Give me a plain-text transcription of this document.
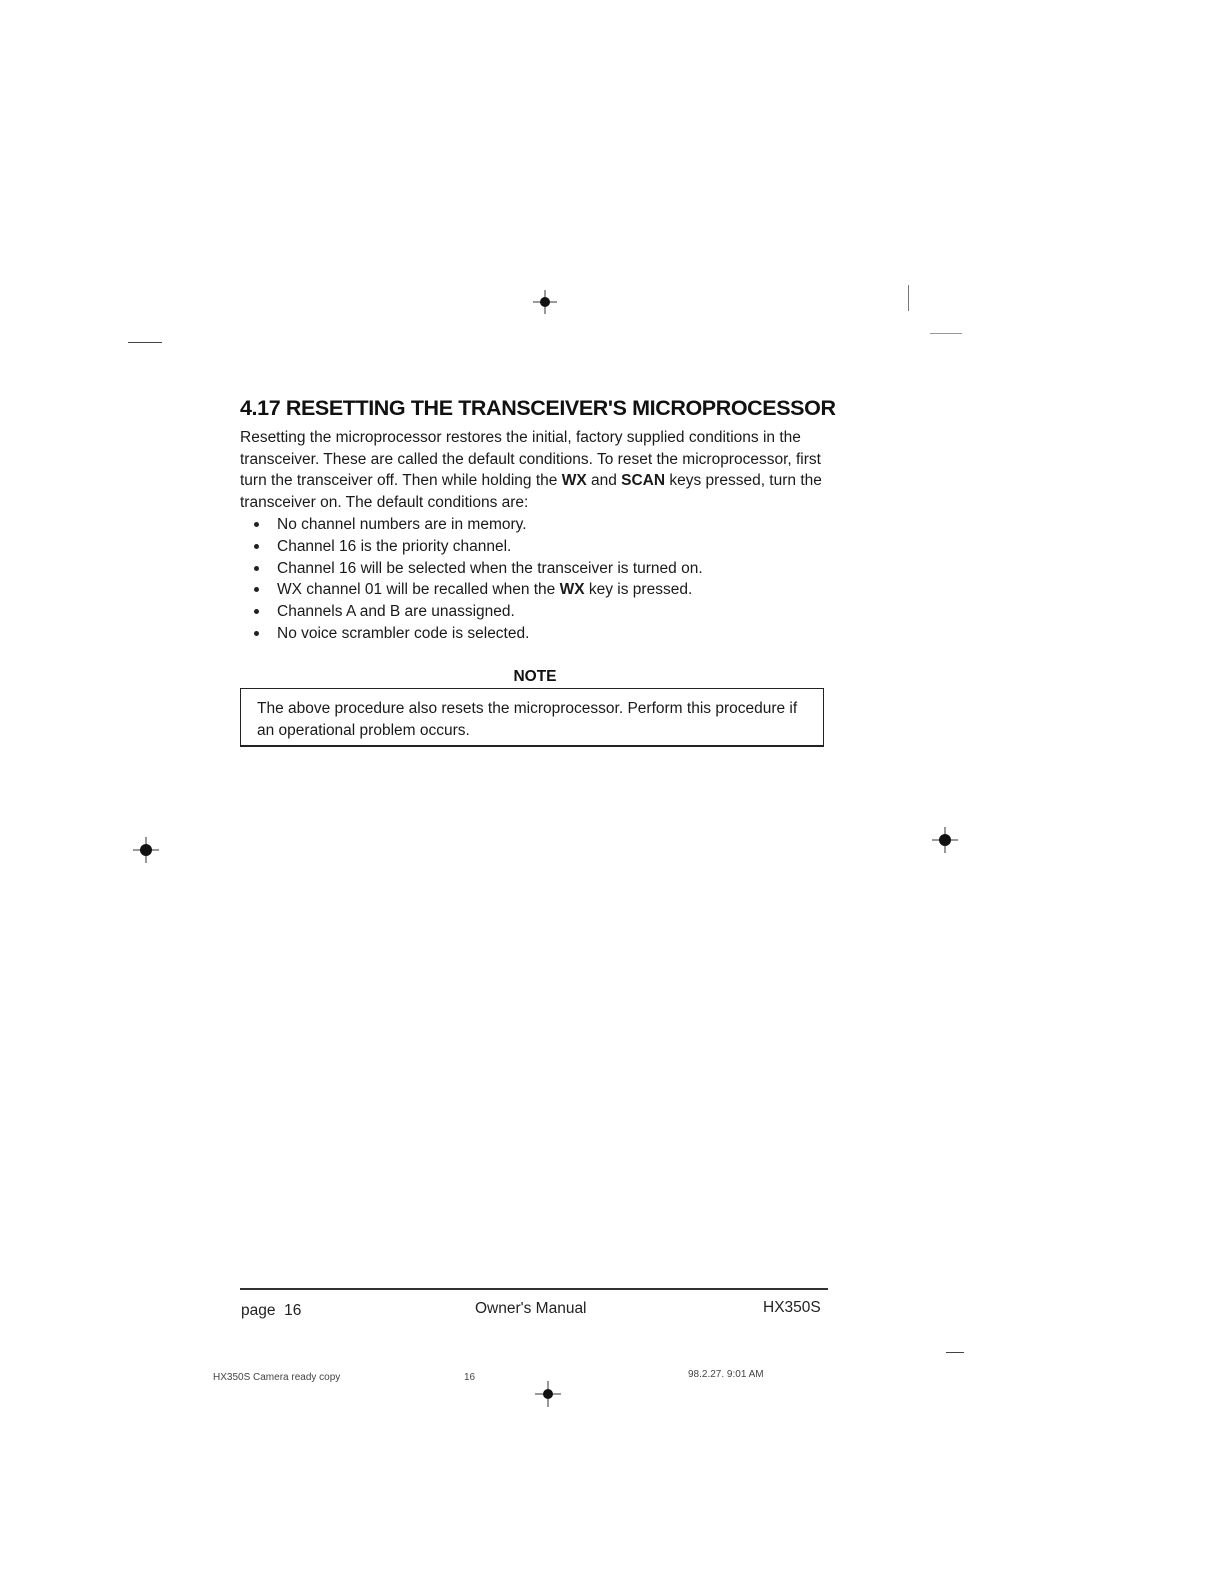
4.17 RESETTING THE TRANSCEIVER'S MICROPROCESSOR
Resetting the microprocessor restores the initial, factory supplied conditions in the transceiver. These are called the default conditions. To reset the microprocessor, first turn the transceiver off. Then while holding the WX and SCAN keys pressed, turn the transceiver on. The default conditions are:
No channel numbers are in memory.
Channel 16 is the priority channel.
Channel 16 will be selected when the transceiver is turned on.
WX channel 01 will be recalled when the WX key is pressed.
Channels A and B are unassigned.
No voice scrambler code is selected.
NOTE
The above procedure also resets the microprocessor. Perform this procedure if an operational problem occurs.
page  16	Owner's Manual	HX350S
HX350S Camera ready copy	16	98.2.27. 9:01 AM
